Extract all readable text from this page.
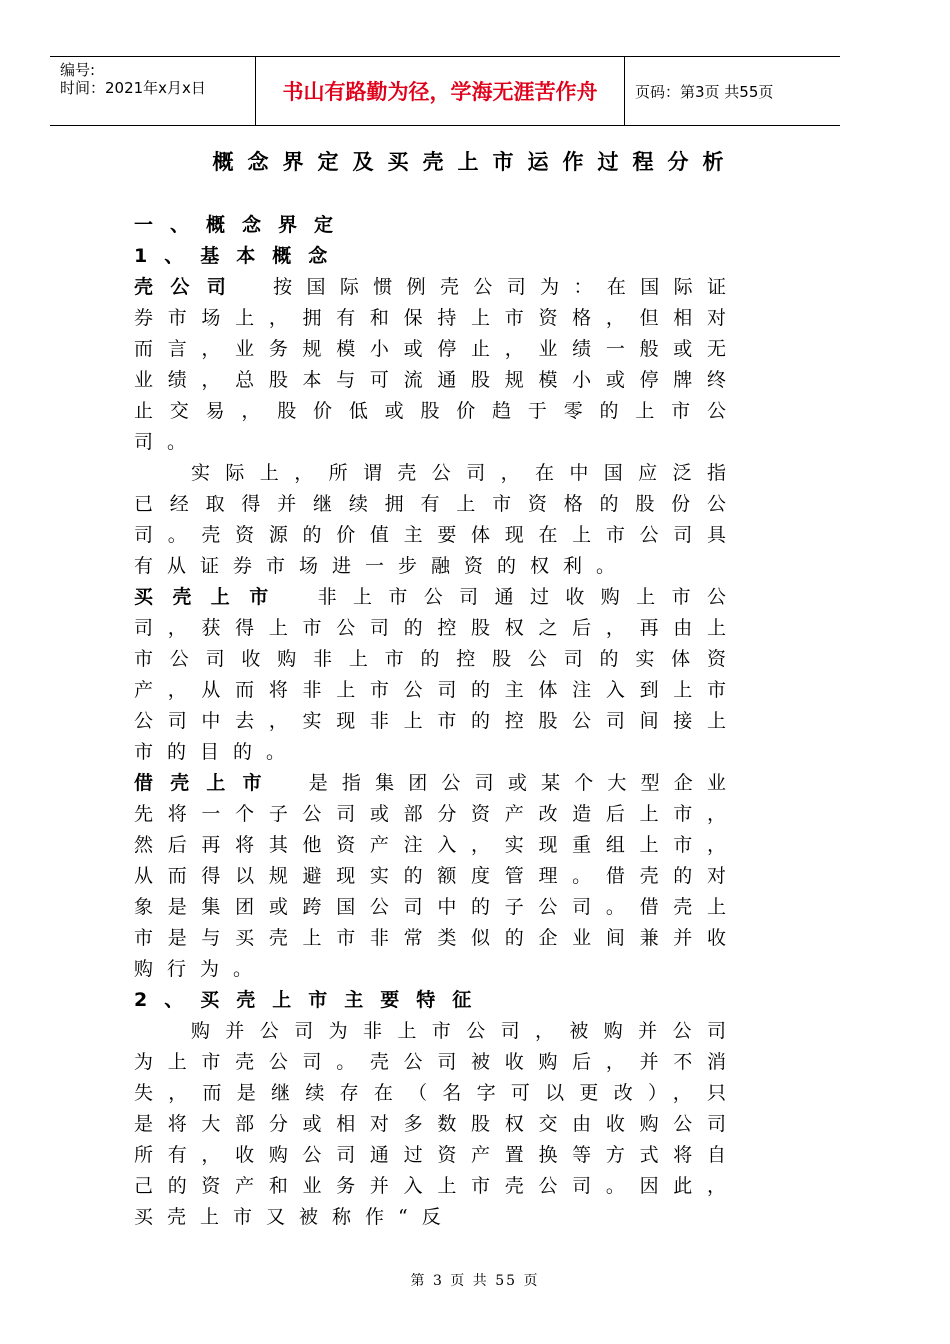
编号:
时间：2021年x月x日	书山有路勤为径，学海无涯苦作舟	页码：第3页 共55页
概念界定及买壳上市运作过程分析

一、概念界定

1、基本概念

壳公司 按国际惯例壳公司为：在国际证券市场上，拥有和保持上市资格，但相对而言，业务规模小或停止，业绩一般或无业绩，总股本与可流通股规模小或停牌终止交易，股价低或股价趋于零的上市公司。

实际上，所谓壳公司，在中国应泛指已经取得并继续拥有上市资格的股份公司。壳资源的价值主要体现在上市公司具有从证券市场进一步融资的权利。

买壳上市 非上市公司通过收购上市公司，获得上市公司的控股权之后，再由上市公司收购非上市的控股公司的实体资产，从而将非上市公司的主体注入到上市公司中去，实现非上市的控股公司间接上市的目的。

借壳上市 是指集团公司或某个大型企业先将一个子公司或部分资产改造后上市，然后再将其他资产注入，实现重组上市，从而得以规避现实的额度管理。借壳的对象是集团或跨国公司中的子公司。借壳上市是与买壳上市非常类似的企业间兼并收购行为。

2、买壳上市主要特征

购并公司为非上市公司，被购并公司为上市壳公司。壳公司被收购后，并不消失，而是继续存在（名字可以更改），只是将大部分或相对多数股权交由收购公司所有，收购公司通过资产置换等方式将自己的资产和业务并入上市壳公司。因此，买壳上市又被称作“反

第 3 页 共 55 页
